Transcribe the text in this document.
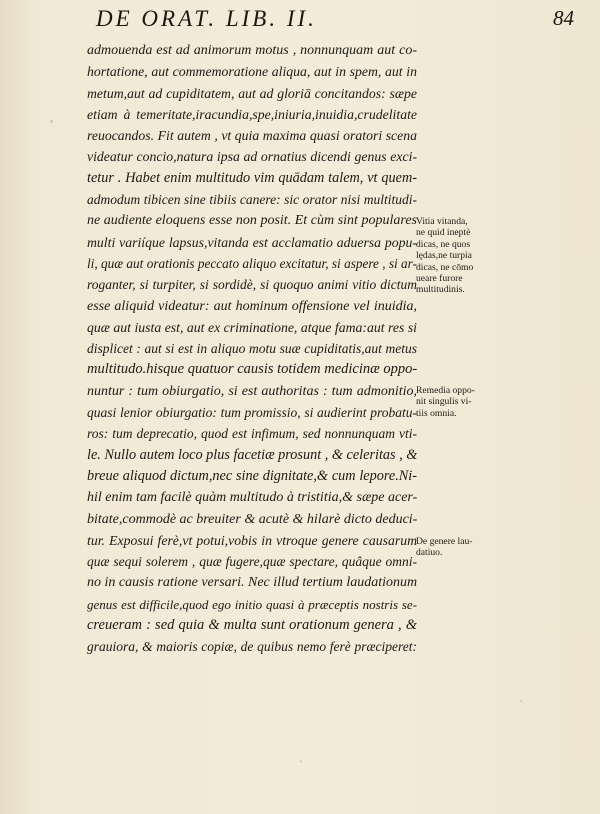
DE ORAT. LIB. II.	84
admouenda est ad animorum motus , nonnunquam aut co-
hortatione, aut commemoratione aliqua, aut in spem, aut in
metum,aut ad cupiditatem, aut ad gloriā concitandos: sæpe
etiam à temeritate,iracundia,spe,iniuria,inuidia,crudelitate
reuocandos. Fit autem , vt quia maxima quasi oratori scena
videatur concio,natura ipsa ad ornatius dicendi genus exci-
tetur . Habet enim multitudo vim quādam talem, vt quem-
admodum tibicen sine tibiis canere: sic orator nisi multitudi-
ne audiente eloquens esse non posit. Et cùm sint populares
multi variíque lapsus,vitanda est acclamatio aduersa popu-
li, quæ aut orationis peccato aliquo excitatur, si aspere , si ar-
roganter, si turpiter, si sordidè, si quoquo animi vitio dictum
esse aliquid videatur: aut hominum offensione vel inuidia,
quæ aut iusta est, aut ex criminatione, atque fama:aut res si
displicet : aut si est in aliquo motu suæ cupiditatis,aut metus
multitudo.hisque quatuor causis totidem medicinæ oppo-
nuntur : tum obiurgatio, si est authoritas : tum admonitio,
quasi lenior obiurgatio: tum promissio, si audierint probatu-
ros: tum deprecatio, quod est infimum, sed nonnunquam vti-
le. Nullo autem loco plus facetiæ prosunt , & celeritas , &
breue aliquod dictum,nec sine dignitate,& cum lepore.Ni-
hil enim tam facilè quàm multitudo à tristitia,& sæpe acer-
bitate,commodè ac breuiter & acutè & hilarè dicto deduci-
tur. Exposui ferè,vt potui,vobis in vtroque genere causarum
quæ sequi solerem , quæ fugere,quæ spectare, quâque omni-
no in causis ratione versari. Nec illud tertium laudationum
genus est difficile,quod ego initio quasi à præceptis nostris se-
creueram : sed quia & multa sunt orationum genera , &
grauiora, & maioris copiæ, de quibus nemo ferè præciperet:
Vitia vitanda,
ne quid ineptè
dicas, ne quos
lędas,ne turpia
dicas, ne cōmo
ueare furore
multitudinis.
Remedia oppo-
nit singulis vi-
tiis omnia.
De genere lau-
datiuo.
